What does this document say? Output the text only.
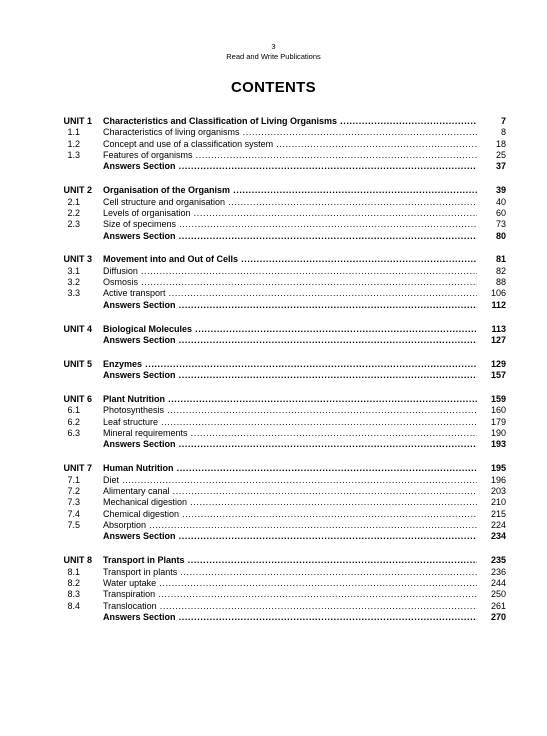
3
Read and Write Publications
CONTENTS
UNIT 1 Characteristics and Classification of Living Organisms .....	7
1.1	Characteristics of living organisms .....	8
1.2	Concept and use of a classification system .....	18
1.3	Features of organisms .....	25
Answers Section .....	37
UNIT 2 Organisation of the Organism .....	39
2.1	Cell structure and organisation .....	40
2.2	Levels of organisation .....	60
2.3	Size of specimens .....	73
Answers Section .....	80
UNIT 3 Movement into and Out of Cells .....	81
3.1	Diffusion .....	82
3.2	Osmosis .....	88
3.3	Active transport .....	106
Answers Section .....	112
UNIT 4 Biological Molecules .....	113
Answers Section .....	127
UNIT 5 Enzymes .....	129
Answers Section .....	157
UNIT 6 Plant Nutrition .....	159
6.1	Photosynthesis .....	160
6.2	Leaf structure .....	179
6.3	Mineral requirements .....	190
Answers Section .....	193
UNIT 7 Human Nutrition .....	195
7.1	Diet .....	196
7.2	Alimentary canal .....	203
7.3	Mechanical digestion .....	210
7.4	Chemical digestion .....	215
7.5	Absorption .....	224
Answers Section .....	234
UNIT 8 Transport in Plants .....	235
8.1	Transport in plants .....	236
8.2	Water uptake .....	244
8.3	Transpiration .....	250
8.4	Translocation .....	261
Answers Section .....	270
